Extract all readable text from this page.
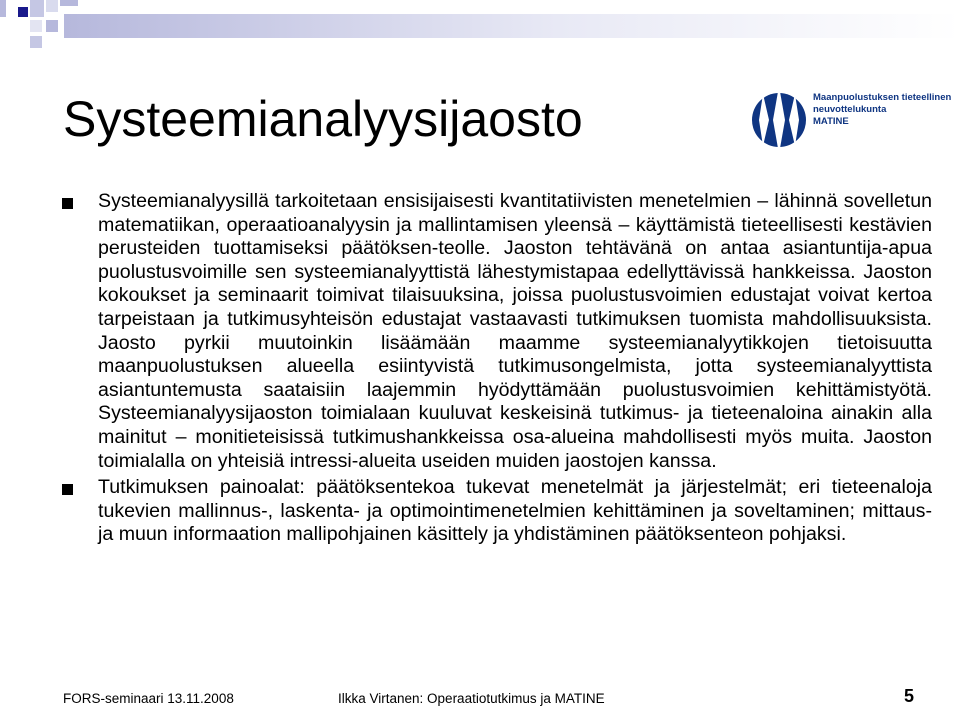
Systeemianalyysijaosto	Maanpuolustuksen tieteellinen
neuvottelukunta
MATINE
Systeemianalyysillä tarkoitetaan ensisijaisesti kvantitatiivisten menetelmien – lähinnä sovelletun matematiikan, operaatioanalyysin ja mallintamisen yleensä – käyttämistä tieteellisesti kestävien perusteiden tuottamiseksi päätöksen-teolle. Jaoston tehtävänä on antaa asiantuntija-apua puolustusvoimille sen systeemianalyyttistä lähestymistapaa edellyttävissä hankkeissa. Jaoston kokoukset ja seminaarit toimivat tilaisuuksina, joissa puolustusvoimien edustajat voivat kertoa tarpeistaan ja tutkimusyhteisön edustajat vastaavasti tutkimuksen tuomista mahdollisuuksista. Jaosto pyrkii muutoinkin lisäämään maamme systeemianalyytikkojen tietoisuutta maanpuolustuksen alueella esiintyvistä tutkimusongelmista, jotta systeemianalyyttista asiantuntemusta saataisiin laajemmin hyödyttämään puolustusvoimien kehittämistyötä. Systeemianalyysijaoston toimialaan kuuluvat keskeisinä tutkimus- ja tieteenaloina ainakin alla mainitut – monitieteisissä tutkimushankkeissa osa-alueina mahdollisesti myös muita. Jaoston toimialalla on yhteisiä intressi-alueita useiden muiden jaostojen kanssa.
Tutkimuksen painoalat: päätöksentekoa tukevat menetelmät ja järjestelmät; eri tieteenaloja tukevien mallinnus-, laskenta- ja optimointimenetelmien kehittäminen ja soveltaminen; mittaus- ja muun informaation mallipohjainen käsittely ja yhdistäminen päätöksenteon pohjaksi.
FORS-seminaari 13.11.2008	Ilkka Virtanen: Operaatiotutkimus ja MATINE	5
